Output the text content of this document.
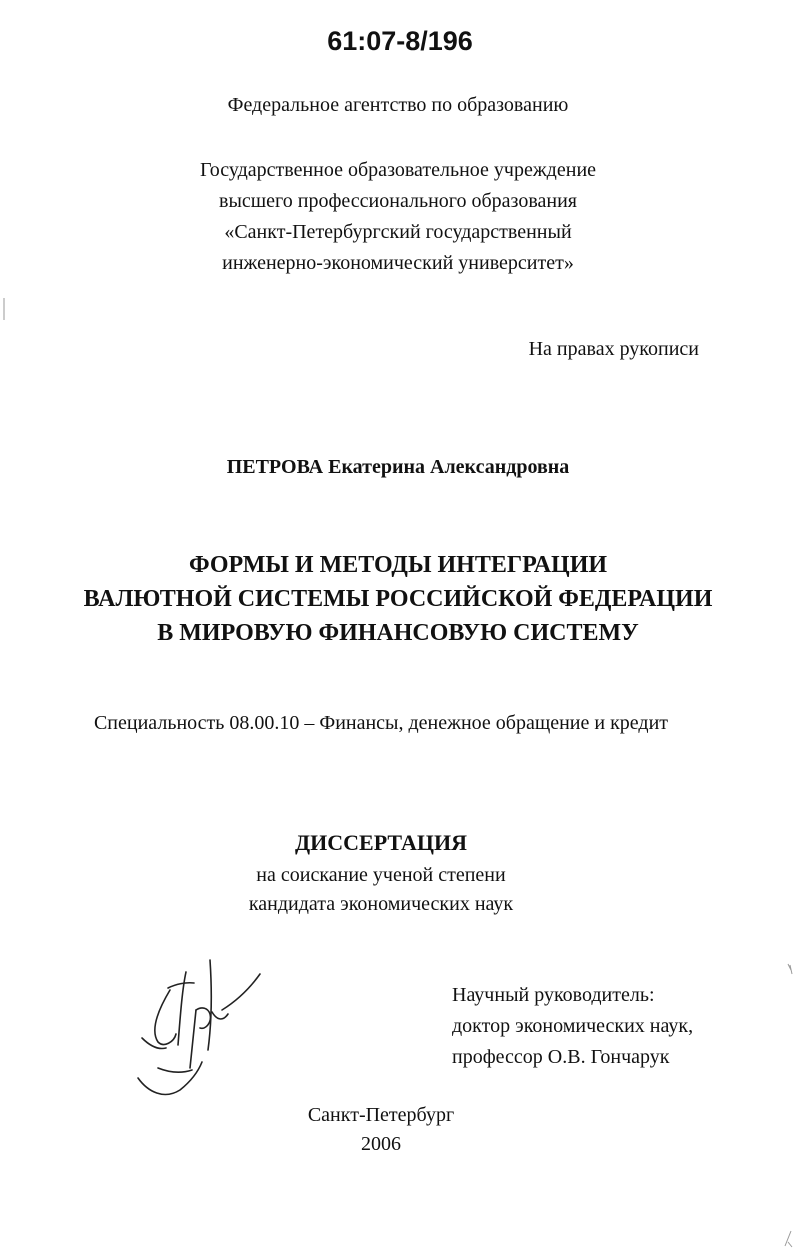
61:07-8/196
Федеральное агентство по образованию
Государственное образовательное учреждение
высшего профессионального образования
«Санкт-Петербургский государственный
инженерно-экономический университет»
На правах рукописи
ПЕТРОВА Екатерина Александровна
ФОРМЫ И МЕТОДЫ ИНТЕГРАЦИИ
ВАЛЮТНОЙ СИСТЕМЫ РОССИЙСКОЙ ФЕДЕРАЦИИ
В МИРОВУЮ ФИНАНСОВУЮ СИСТЕМУ
Специальность 08.00.10 – Финансы, денежное обращение и кредит
ДИССЕРТАЦИЯ
на соискание ученой степени
кандидата экономических наук
Научный руководитель:
доктор экономических наук,
профессор О.В. Гончарук
Санкт-Петербург
2006
